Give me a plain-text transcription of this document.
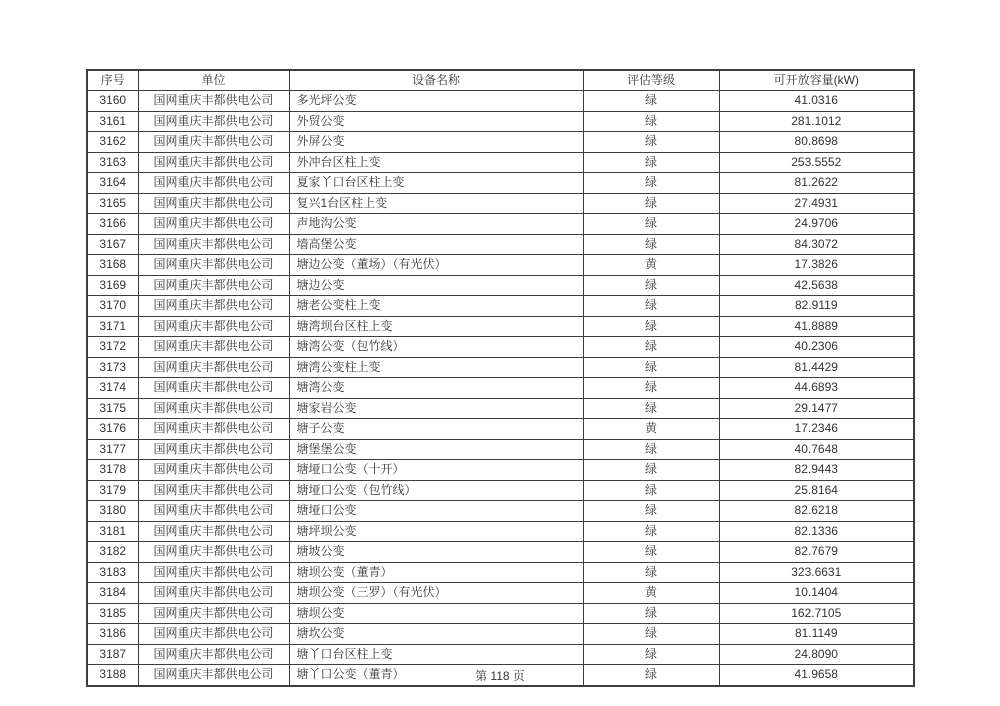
序号	单位	设备名称	评估等级	可开放容量(kW)
3160	国网重庆丰都供电公司	多光坪公变	绿	41.0316
3161	国网重庆丰都供电公司	外贸公变	绿	281.1012
3162	国网重庆丰都供电公司	外屏公变	绿	80.8698
3163	国网重庆丰都供电公司	外冲台区柱上变	绿	253.5552
3164	国网重庆丰都供电公司	夏家丫口台区柱上变	绿	81.2622
3165	国网重庆丰都供电公司	复兴1台区柱上变	绿	27.4931
3166	国网重庆丰都供电公司	声地沟公变	绿	24.9706
3167	国网重庆丰都供电公司	墙高堡公变	绿	84.3072
3168	国网重庆丰都供电公司	塘边公变（董场）（有光伏）	黄	17.3826
3169	国网重庆丰都供电公司	塘边公变	绿	42.5638
3170	国网重庆丰都供电公司	塘老公变柱上变	绿	82.9119
3171	国网重庆丰都供电公司	塘湾坝台区柱上变	绿	41.8889
3172	国网重庆丰都供电公司	塘湾公变（包竹线）	绿	40.2306
3173	国网重庆丰都供电公司	塘湾公变柱上变	绿	81.4429
3174	国网重庆丰都供电公司	塘湾公变	绿	44.6893
3175	国网重庆丰都供电公司	塘家岩公变	绿	29.1477
3176	国网重庆丰都供电公司	塘子公变	黄	17.2346
3177	国网重庆丰都供电公司	塘堡堡公变	绿	40.7648
3178	国网重庆丰都供电公司	塘垭口公变（十开）	绿	82.9443
3179	国网重庆丰都供电公司	塘垭口公变（包竹线）	绿	25.8164
3180	国网重庆丰都供电公司	塘垭口公变	绿	82.6218
3181	国网重庆丰都供电公司	塘坪坝公变	绿	82.1336
3182	国网重庆丰都供电公司	塘坡公变	绿	82.7679
3183	国网重庆丰都供电公司	塘坝公变（董青）	绿	323.6631
3184	国网重庆丰都供电公司	塘坝公变（三罗）（有光伏）	黄	10.1404
3185	国网重庆丰都供电公司	塘坝公变	绿	162.7105
3186	国网重庆丰都供电公司	塘坎公变	绿	81.1149
3187	国网重庆丰都供电公司	塘丫口台区柱上变	绿	24.8090
3188	国网重庆丰都供电公司	塘丫口公变（董青）	绿	41.9658
第 118 页
